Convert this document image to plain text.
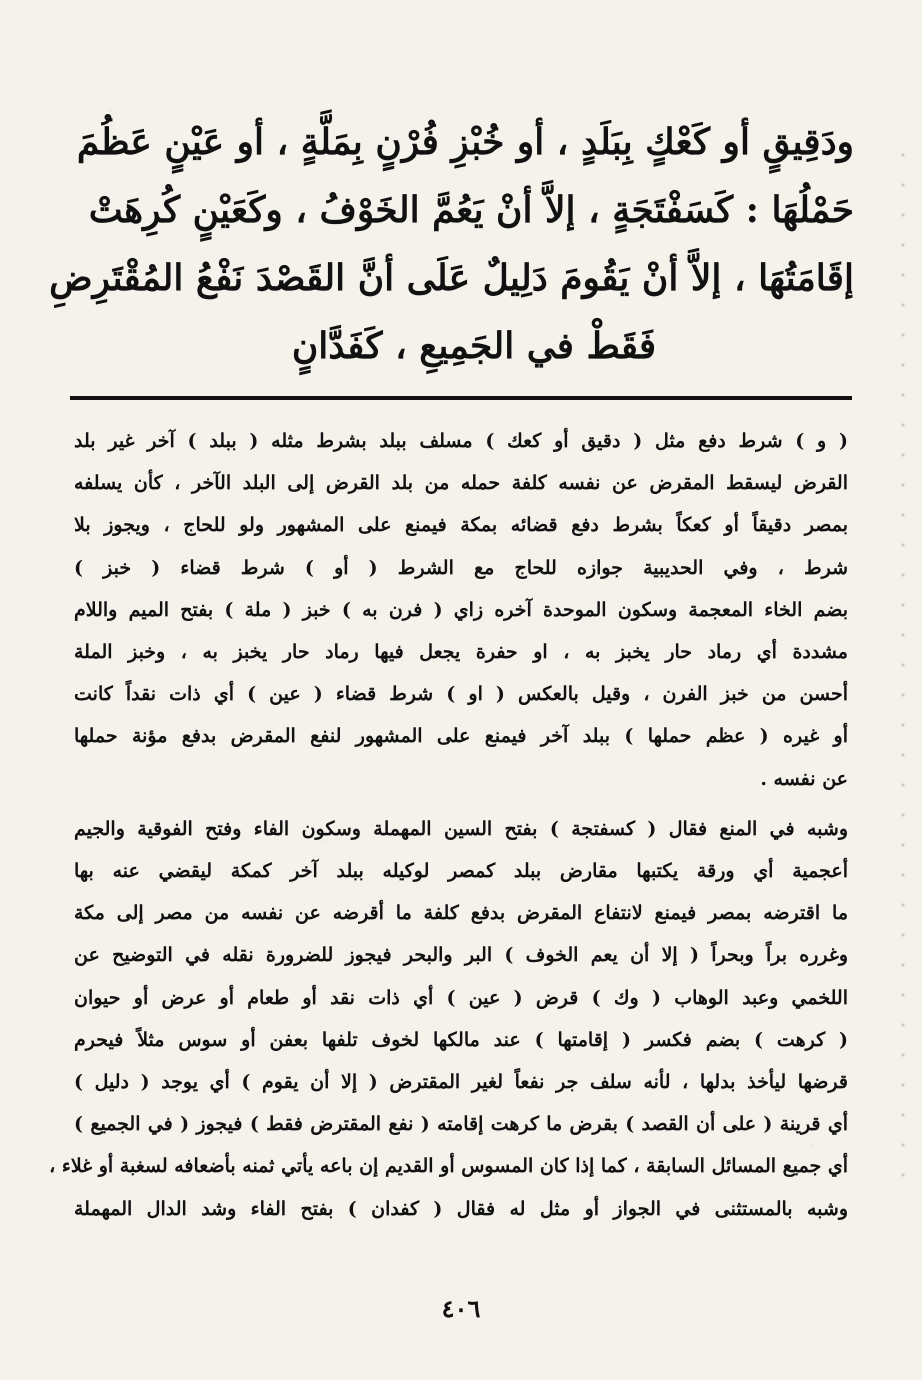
ودَقِيقٍ أو كَعْكٍ بِبَلَدٍ ، أو خُبْزِ فُرْنٍ بِمَلَّةٍ ، أو عَيْنٍ عَظُمَ
حَمْلُهَا : كَسَفْتَجَةٍ ، إلاَّ أنْ يَعُمَّ الخَوْفُ ، وكَعَيْنٍ كُرِهَتْ
إقَامَتُهَا ، إلاَّ أنْ يَقُومَ دَلِيلٌ عَلَى أنَّ القَصْدَ نَفْعُ المُقْتَرِضِ
فَقَطْ في الجَمِيعِ ، كَفَدَّانٍ
( و ) شرط دفع مثل ( دقيق أو كعك ) مسلف ببلد بشرط مثله ( ببلد ) آخر غير بلد
القرض ليسقط المقرض عن نفسه كلفة حمله من بلد القرض إلى البلد الآخر ، كأن يسلفه
بمصر دقيقاً أو كعكاً بشرط دفع قضائه بمكة فيمنع على المشهور ولو للحاج ، ويجوز بلا
شرط ، وفي الحديبية جوازه للحاج مع الشرط ( أو ) شرط قضاء ( خبز )
بضم الخاء المعجمة وسكون الموحدة آخره زاي ( فرن به ) خبز ( ملة ) بفتح الميم واللام
مشددة أي رماد حار يخبز به ، او حفرة يجعل فيها رماد حار يخبز به ، وخبز الملة
أحسن من خبز الفرن ، وقيل بالعكس ( او ) شرط قضاء ( عين ) أي ذات نقداً كانت
أو غيره ( عظم حملها ) ببلد آخر فيمنع على المشهور لنفع المقرض بدفع مؤنة حملها
عن نفسه .
وشبه في المنع فقال ( كسفتجة ) بفتح السين المهملة وسكون الفاء وفتح الفوقية والجيم
أعجمية أي ورقة يكتبها مقارض ببلد كمصر لوكيله ببلد آخر كمكة ليقضي عنه بها
ما اقترضه بمصر فيمنع لانتفاع المقرض بدفع كلفة ما أقرضه عن نفسه من مصر إلى مكة
وغرره براً وبحراً ( إلا أن يعم الخوف ) البر والبحر فيجوز للضرورة نقله في التوضيح عن
اللخمي وعبد الوهاب ( وك ) قرض ( عين ) أي ذات نقد أو طعام أو عرض أو حيوان
( كرهت ) بضم فكسر ( إقامتها ) عند مالكها لخوف تلفها بعفن أو سوس مثلاً فيحرم
قرضها ليأخذ بدلها ، لأنه سلف جر نفعاً لغير المقترض ( إلا أن يقوم ) أي يوجد ( دليل )
أي قرينة ( على أن القصد ) بقرض ما كرهت إقامته ( نفع المقترض فقط ) فيجوز ( في الجميع )
أي جميع المسائل السابقة ، كما إذا كان المسوس أو القديم إن باعه يأتي ثمنه بأضعافه لسغبة أو غلاء ،
وشبه بالمستثنى في الجواز أو مثل له فقال ( كفدان ) بفتح الفاء وشد الدال المهملة
٤٠٦
